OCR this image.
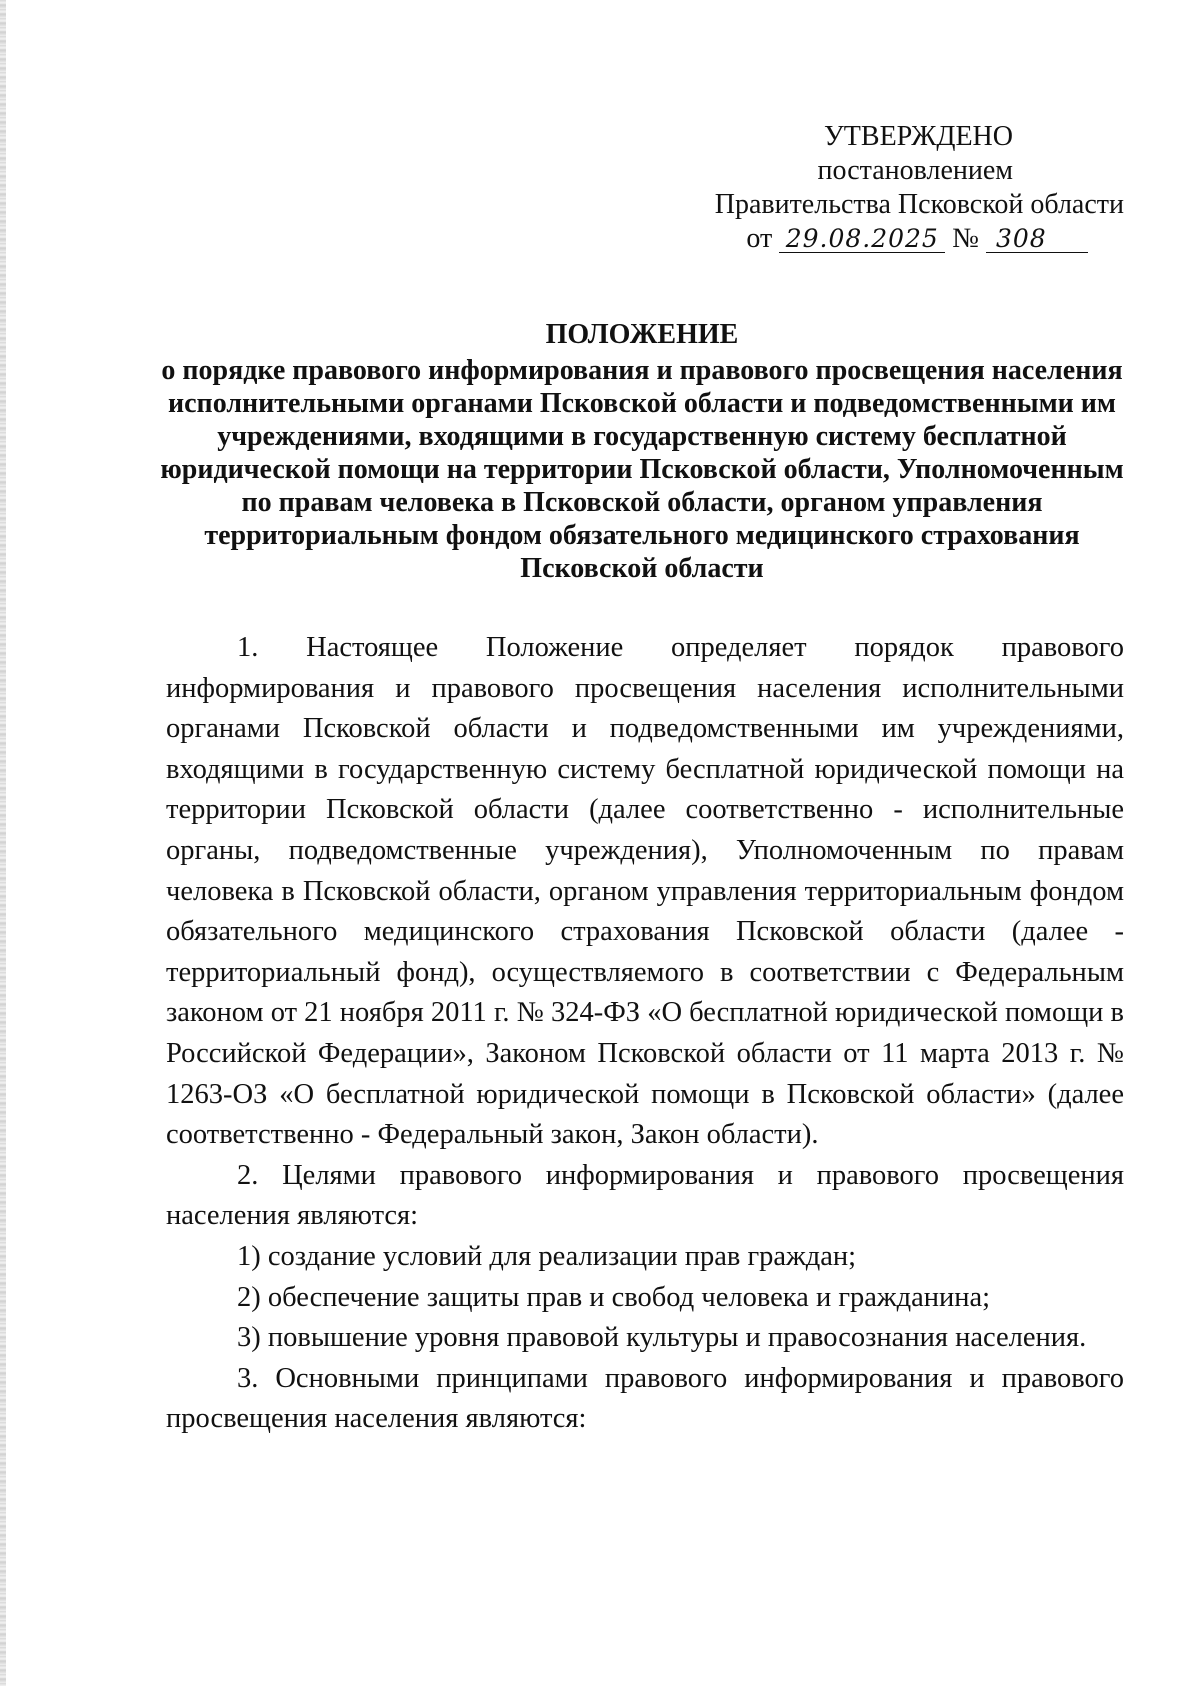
УТВЕРЖДЕНО
постановлением
Правительства Псковской области
от 29.08.2025 № 308
ПОЛОЖЕНИЕ
о порядке правового информирования и правового просвещения населения исполнительными органами Псковской области и подведомственными им учреждениями, входящими в государственную систему бесплатной юридической помощи на территории Псковской области, Уполномоченным по правам человека в Псковской области, органом управления территориальным фондом обязательного медицинского страхования Псковской области

1. Настоящее Положение определяет порядок правового информирования и правового просвещения населения исполнительными органами Псковской области и подведомственными им учреждениями, входящими в государственную систему бесплатной юридической помощи на территории Псковской области (далее соответственно - исполнительные органы, подведомственные учреждения), Уполномоченным по правам человека в Псковской области, органом управления территориальным фондом обязательного медицинского страхования Псковской области (далее - территориальный фонд), осуществляемого в соответствии с Федеральным законом от 21 ноября 2011 г. № 324-ФЗ «О бесплатной юридической помощи в Российской Федерации», Законом Псковской области от 11 марта 2013 г. № 1263-ОЗ «О бесплатной юридической помощи в Псковской области» (далее соответственно - Федеральный закон, Закон области).

2. Целями правового информирования и правового просвещения населения являются:

1) создание условий для реализации прав граждан;

2) обеспечение защиты прав и свобод человека и гражданина;

3) повышение уровня правовой культуры и правосознания населения.

3. Основными принципами правового информирования и правового просвещения населения являются:
